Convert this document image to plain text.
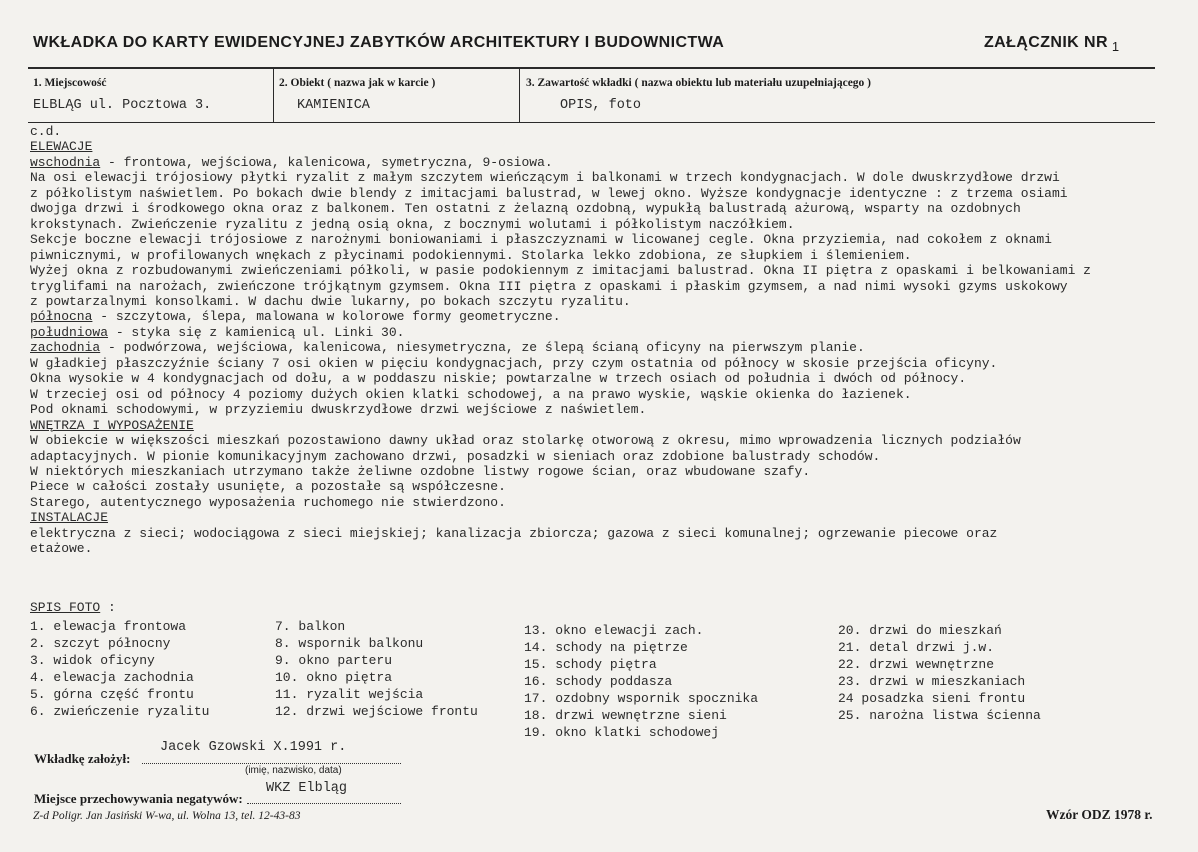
WKŁADKA DO KARTY EWIDENCYJNEJ ZABYTKÓW ARCHITEKTURY I BUDOWNICTWA	ZAŁĄCZNIK NR $_1$
1. Miejscowość	2. Obiekt ( nazwa jak w karcie )	3. Zawartość wkładki ( nazwa obiektu lub materiału uzupełniającego )
ELBLĄG ul. Pocztowa 3.	KAMIENICA	OPIS, foto
c.d.
ELEWACJE
wschodnia - frontowa, wejściowa, kalenicowa, symetryczna, 9-osiowa.
Na osi elewacji trójosiowy płytki ryzalit z małym szczytem wieńczącym i balkonami w trzech kondygnacjach. W dole dwuskrzydłowe drzwi
z półkolistym naświetlem. Po bokach dwie blendy z imitacjami balustrad, w lewej okno. Wyższe kondygnacje identyczne : z trzema osiami
dwojga drzwi i środkowego okna oraz z balkonem. Ten ostatni z żelazną ozdobną, wypukłą balustradą ażurową, wsparty na ozdobnych
krokstynach. Zwieńczenie ryzalitu z jedną osią okna, z bocznymi wolutami i półkolistym naczółkiem.
Sekcje boczne elewacji trójosiowe z narożnymi boniowaniami i płaszczyznami w licowanej cegle. Okna przyziemia, nad cokołem z oknami
piwnicznymi, w profilowanych wnękach z płycinami podokiennymi. Stolarka lekko zdobiona, ze słupkiem i ślemieniem.
Wyżej okna z rozbudowanymi zwieńczeniami półkoli, w pasie podokiennym z imitacjami balustrad. Okna II piętra z opaskami i belkowaniami z
tryglifami na narożach, zwieńczone trójkątnym gzymsem. Okna III piętra z opaskami i płaskim gzymsem, a nad nimi wysoki gzyms uskokowy
z powtarzalnymi konsolkami. W dachu dwie lukarny, po bokach szczytu ryzalitu.
północna - szczytowa, ślepa, malowana w kolorowe formy geometryczne.
południowa - styka się z kamienicą ul. Linki 30.
zachodnia - podwórzowa, wejściowa, kalenicowa, niesymetryczna, ze ślepą ścianą oficyny na pierwszym planie.
W gładkiej płaszczyźnie ściany 7 osi okien w pięciu kondygnacjach, przy czym ostatnia od północy w skosie przejścia oficyny.
Okna wysokie w 4 kondygnacjach od dołu, a w poddaszu niskie; powtarzalne w trzech osiach od południa i dwóch od północy.
W trzeciej osi od północy 4 poziomy dużych okien klatki schodowej, a na prawo wyskie, wąskie okienka do łazienek.
Pod oknami schodowymi, w przyziemiu dwuskrzydłowe drzwi wejściowe z naświetlem.
WNĘTRZA I WYPOSAŻENIE
W obiekcie w większości mieszkań pozostawiono dawny układ oraz stolarkę otworową z okresu, mimo wprowadzenia licznych podziałów
adaptacyjnych. W pionie komunikacyjnym zachowano drzwi, posadzki w sieniach oraz zdobione balustrady schodów.
W niektórych mieszkaniach utrzymano także żeliwne ozdobne listwy rogowe ścian, oraz wbudowane szafy.
Piece w całości zostały usunięte, a pozostałe są współczesne.
Starego, autentycznego wyposażenia ruchomego nie stwierdzono.
INSTALACJE
elektryczna z sieci; wodociągowa z sieci miejskiej; kanalizacja zbiorcza; gazowa z sieci komunalnej; ogrzewanie piecowe oraz
etażowe.
SPIS FOTO :
1. elewacja frontowa
2. szczyt północny
3. widok oficyny
4. elewacja zachodnia
5. górna część frontu
6. zwieńczenie ryzalitu
7. balkon
8. wspornik balkonu
9. okno parteru
10. okno piętra
11. ryzalit wejścia
12. drzwi wejściowe frontu
13. okno elewacji zach.
14. schody na piętrze
15. schody piętra
16. schody poddasza
17. ozdobny wspornik spocznika
18. drzwi wewnętrzne sieni
19. okno klatki schodowej
20. drzwi do mieszkań
21. detal drzwi j.w.
22. drzwi wewnętrzne
23. drzwi w mieszkaniach
24 posadzka sieni frontu
25. narożna listwa ścienna
Wkładkę założył:
Jacek Gzowski X.1991 r.
(imię, nazwisko, data)
Miejsce przechowywania negatywów:
WKZ Elbląg
Z-d Poligr. Jan Jasiński W-wa, ul. Wolna 13, tel. 12-43-83	Wzór ODZ 1978 r.
